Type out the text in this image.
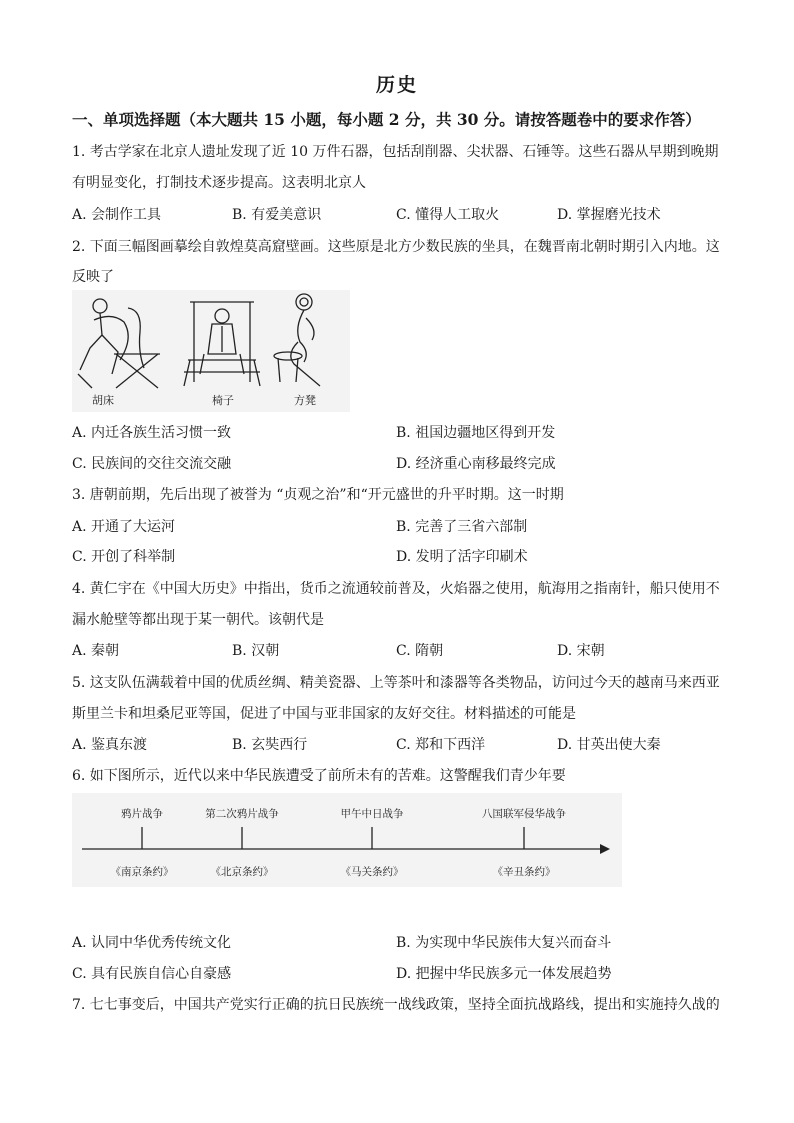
历史
一、单项选择题（本大题共 15 小题，每小题 2 分，共 30 分。请按答题卷中的要求作答）
1. 考古学家在北京人遗址发现了近 10 万件石器，包括刮削器、尖状器、石锤等。这些石器从早期到晚期
有明显变化，打制技术逐步提高。这表明北京人
A. 会制作工具	B. 有爱美意识	C. 懂得人工取火	D. 掌握磨光技术
2. 下面三幅图画摹绘自敦煌莫高窟壁画。这些原是北方少数民族的坐具，在魏晋南北朝时期引入内地。这
反映了
胡床	椅子	方凳
A. 内迁各族生活习惯一致	B. 祖国边疆地区得到开发
C. 民族间的交往交流交融	D. 经济重心南移最终完成
3. 唐朝前期，先后出现了被誉为 “贞观之治”和“开元盛世的升平时期。这一时期
A. 开通了大运河	B. 完善了三省六部制
C. 开创了科举制	D. 发明了活字印刷术
4. 黄仁宇在《中国大历史》中指出，货币之流通较前普及，火焰器之使用，航海用之指南针，船只使用不
漏水舱壁等都出现于某一朝代。该朝代是
A. 秦朝	B. 汉朝	C. 隋朝	D. 宋朝
5. 这支队伍满载着中国的优质丝绸、精美瓷器、上等茶叶和漆器等各类物品，访问过今天的越南马来西亚
斯里兰卡和坦桑尼亚等国，促进了中国与亚非国家的友好交往。材料描述的可能是
A. 鉴真东渡	B. 玄奘西行	C. 郑和下西洋	D. 甘英出使大秦
6. 如下图所示，近代以来中华民族遭受了前所未有的苦难。这警醒我们青少年要
鸦片战争	第二次鸦片战争	甲午中日战争	八国联军侵华战争
《南京条约》	《北京条约》	《马关条约》	《辛丑条约》
A. 认同中华优秀传统文化	B. 为实现中华民族伟大复兴而奋斗
C. 具有民族自信心自豪感	D. 把握中华民族多元一体发展趋势
7. 七七事变后，中国共产党实行正确的抗日民族统一战线政策，坚持全面抗战路线，提出和实施持久战的
